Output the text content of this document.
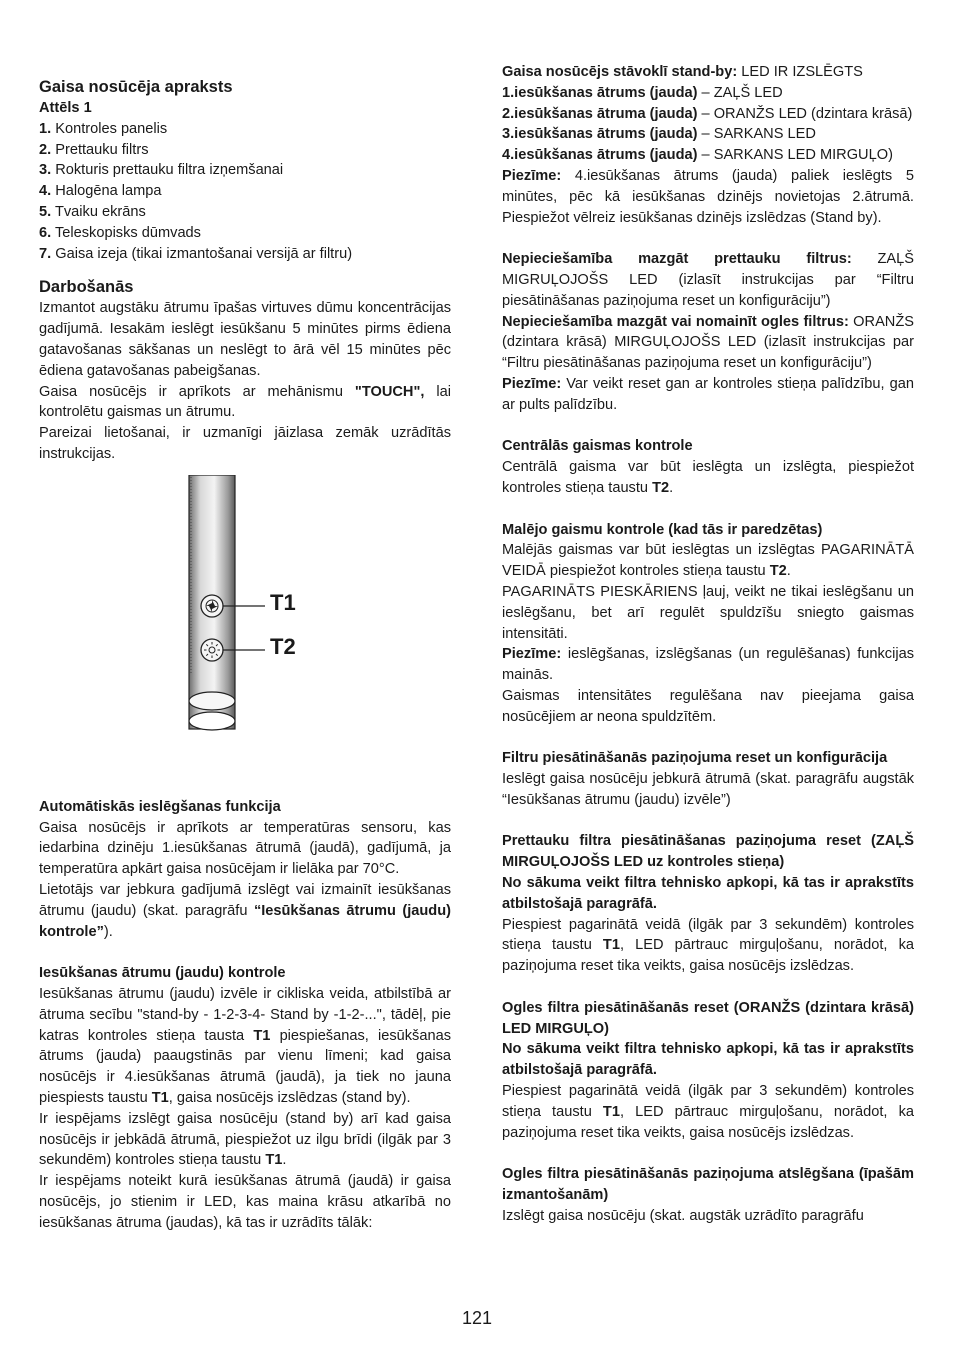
Gaisa nosūcēja apraksts

Attēls 1

1. Kontroles panelis
2. Prettauku filtrs
3. Rokturis prettauku filtra izņemšanai
4. Halogēna lampa
5. Tvaiku ekrāns
6. Teleskopisks dūmvads
7. Gaisa izeja (tikai izmantošanai versijā ar filtru)

Darbošanās

Izmantot augstāku ātrumu īpašas virtuves dūmu koncentrācijas gadījumā. Iesakām ieslēgt iesūkšanu 5 minūtes pirms ēdiena gatavošanas sākšanas un neslēgt to ārā vēl 15 minūtes pēc ēdiena gatavošanas pabeigšanas.

Gaisa nosūcējs ir aprīkots ar mehānismu "TOUCH", lai kontrolētu gaismas un ātrumu.

Pareizai lietošanai, ir uzmanīgi jāizlasa zemāk uzrādītās instrukcijas.

T1
T2

Automātiskās ieslēgšanas funkcija

Gaisa nosūcējs ir aprīkots ar temperatūras sensoru, kas iedarbina dzinēju 1.iesūkšanas ātrumā (jaudā), gadījumā, ja temperatūra apkārt gaisa nosūcējam ir lielāka par 70°C.

Lietotājs var jebkura gadījumā izslēgt vai izmainīt iesūkšanas ātrumu (jaudu) (skat. paragrāfu “Iesūkšanas ātrumu (jaudu) kontrole”).

Iesūkšanas ātrumu (jaudu) kontrole

Iesūkšanas ātrumu (jaudu) izvēle ir cikliska veida, atbilstībā ar ātruma secību "stand-by - 1-2-3-4- Stand by -1-2-...", tādēļ, pie katras kontroles stieņa tausta T1 piespiešanas, iesūkšanas ātrums (jauda) paaugstinās par vienu līmeni; kad gaisa nosūcējs ir 4.iesūkšanas ātrumā (jaudā), ja tiek no jauna piespiests taustu T1, gaisa nosūcējs izslēdzas (stand by).

Ir iespējams izslēgt gaisa nosūcēju (stand by) arī kad gaisa nosūcējs ir jebkādā ātrumā, piespiežot uz ilgu brīdi (ilgāk par 3 sekundēm) kontroles stieņa taustu T1.

Ir iespējams noteikt kurā iesūkšanas ātrumā (jaudā) ir gaisa nosūcējs, jo stienim ir LED, kas maina krāsu atkarībā no iesūkšanas ātruma (jaudas), kā tas ir uzrādīts tālāk:

Gaisa nosūcējs stāvoklī stand-by: LED IR IZSLĒGTS

1.iesūkšanas ātrums (jauda) – ZAĻŠ LED

2.iesūkšanas ātruma (jauda) – ORANŽS LED (dzintara krāsā)

3.iesūkšanas ātrums (jauda) – SARKANS LED

4.iesūkšanas ātrums (jauda) – SARKANS LED MIRGUĻO)

Piezīme: 4.iesūkšanas ātrums (jauda) paliek ieslēgts 5 minūtes, pēc kā iesūkšanas dzinējs novietojas 2.ātrumā. Piespiežot vēlreiz iesūkšanas dzinējs izslēdzas (Stand by).

Nepieciešamība mazgāt prettauku filtrus: ZAĻŠ MIGRUĻOJOŠS LED (izlasīt instrukcijas par “Filtru piesātināšanas paziņojuma reset un konfigurāciju”)

Nepieciešamība mazgāt vai nomainīt ogles filtrus: ORANŽS (dzintara krāsā) MIRGUĻOJOŠS LED (izlasīt instrukcijas par “Filtru piesātināšanas paziņojuma reset un konfigurāciju”)

Piezīme: Var veikt reset gan ar kontroles stieņa palīdzību, gan ar pults palīdzību.

Centrālās gaismas kontrole

Centrālā gaisma var būt ieslēgta un izslēgta, piespiežot kontroles stieņa taustu T2.

Malējo gaismu kontrole (kad tās ir paredzētas)

Malējās gaismas var būt ieslēgtas un izslēgtas PAGARINĀTĀ VEIDĀ piespiežot kontroles stieņa taustu T2.

PAGARINĀTS PIESKĀRIENS ļauj, veikt ne tikai ieslēgšanu un ieslēgšanu, bet arī regulēt spuldzīšu sniegto gaismas intensitāti.

Piezīme: ieslēgšanas, izslēgšanas (un regulēšanas) funkcijas mainās.

Gaismas intensitātes regulēšana nav pieejama gaisa nosūcējiem ar neona spuldzītēm.

Filtru piesātināšanās paziņojuma reset un konfigurācija

Ieslēgt gaisa nosūcēju jebkurā ātrumā (skat. paragrāfu augstāk “Iesūkšanas ātrumu (jaudu) izvēle”)

Prettauku filtra piesātināšanas paziņojuma reset (ZAĻŠ MIRGUĻOJOŠS LED uz kontroles stieņa)

No sākuma veikt filtra tehnisko apkopi, kā tas ir aprakstīts atbilstošajā paragrāfā.

Piespiest pagarinātā veidā (ilgāk par 3 sekundēm) kontroles stieņa taustu T1, LED pārtrauc mirguļošanu, norādot, ka paziņojuma reset tika veikts, gaisa nosūcējs izslēdzas.

Ogles filtra piesātināšanās reset (ORANŽS (dzintara krāsā) LED MIRGUĻO)

No sākuma veikt filtra tehnisko apkopi, kā tas ir aprakstīts atbilstošajā paragrāfā.

Piespiest pagarinātā veidā (ilgāk par 3 sekundēm) kontroles stieņa taustu T1, LED pārtrauc mirguļošanu, norādot, ka paziņojuma reset tika veikts, gaisa nosūcējs izslēdzas.

Ogles filtra piesātināšanās paziņojuma atslēgšana (īpašām izmantošanām)

Izslēgt gaisa nosūcēju (skat. augstāk uzrādīto paragrāfu

121
